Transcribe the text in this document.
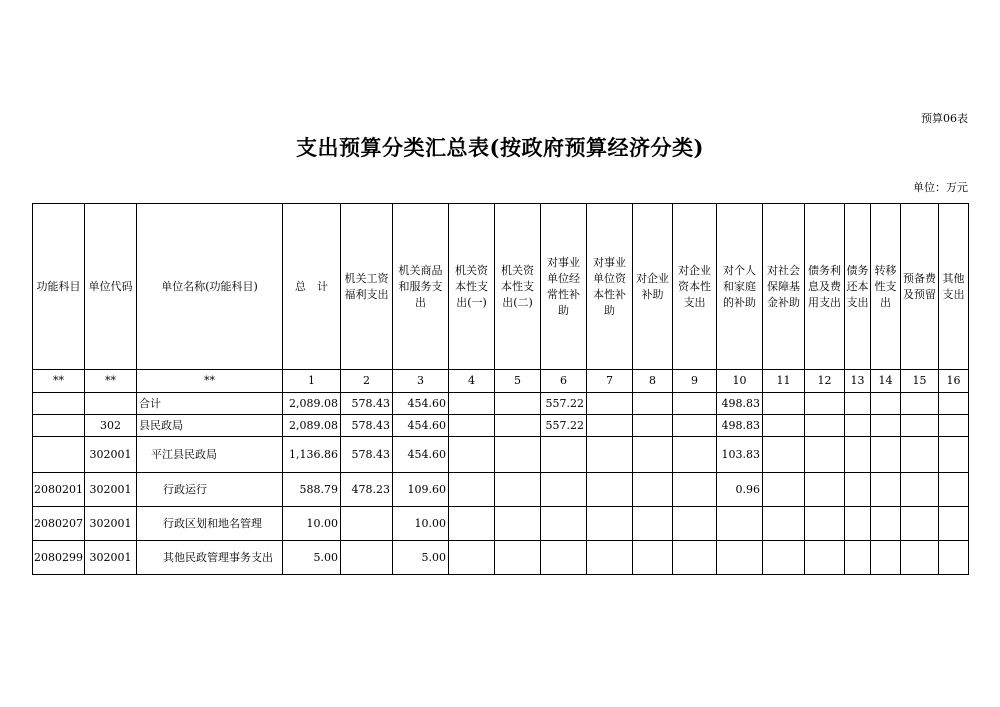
预算06表
支出预算分类汇总表(按政府预算经济分类)
单位：万元
功能科目	单位代码	单位名称(功能科目)	总　计	机关工资福利支出	机关商品和服务支出	机关资本性支出(一)	机关资本性支出(二)	对事业单位经常性补助	对事业单位资本性补助	对企业补助	对企业资本性支出	对个人和家庭的补助	对社会保障基金补助	债务利息及费用支出	债务还本支出	转移性支出	预备费及预留	其他支出	
**	**	**	1	2	3	4	5	6	7	8	9	10	11	12	13	14	15	16	
		合计	2,089.08	578.43	454.60			557.22				498.83							
	302	县民政局	2,089.08	578.43	454.60			557.22				498.83							
	302001	平江县民政局	1,136.86	578.43	454.60							103.83							
2080201	302001	行政运行	588.79	478.23	109.60							0.96							
2080207	302001	行政区划和地名管理	10.00		10.00														
2080299	302001	其他民政管理事务支出	5.00		5.00														
